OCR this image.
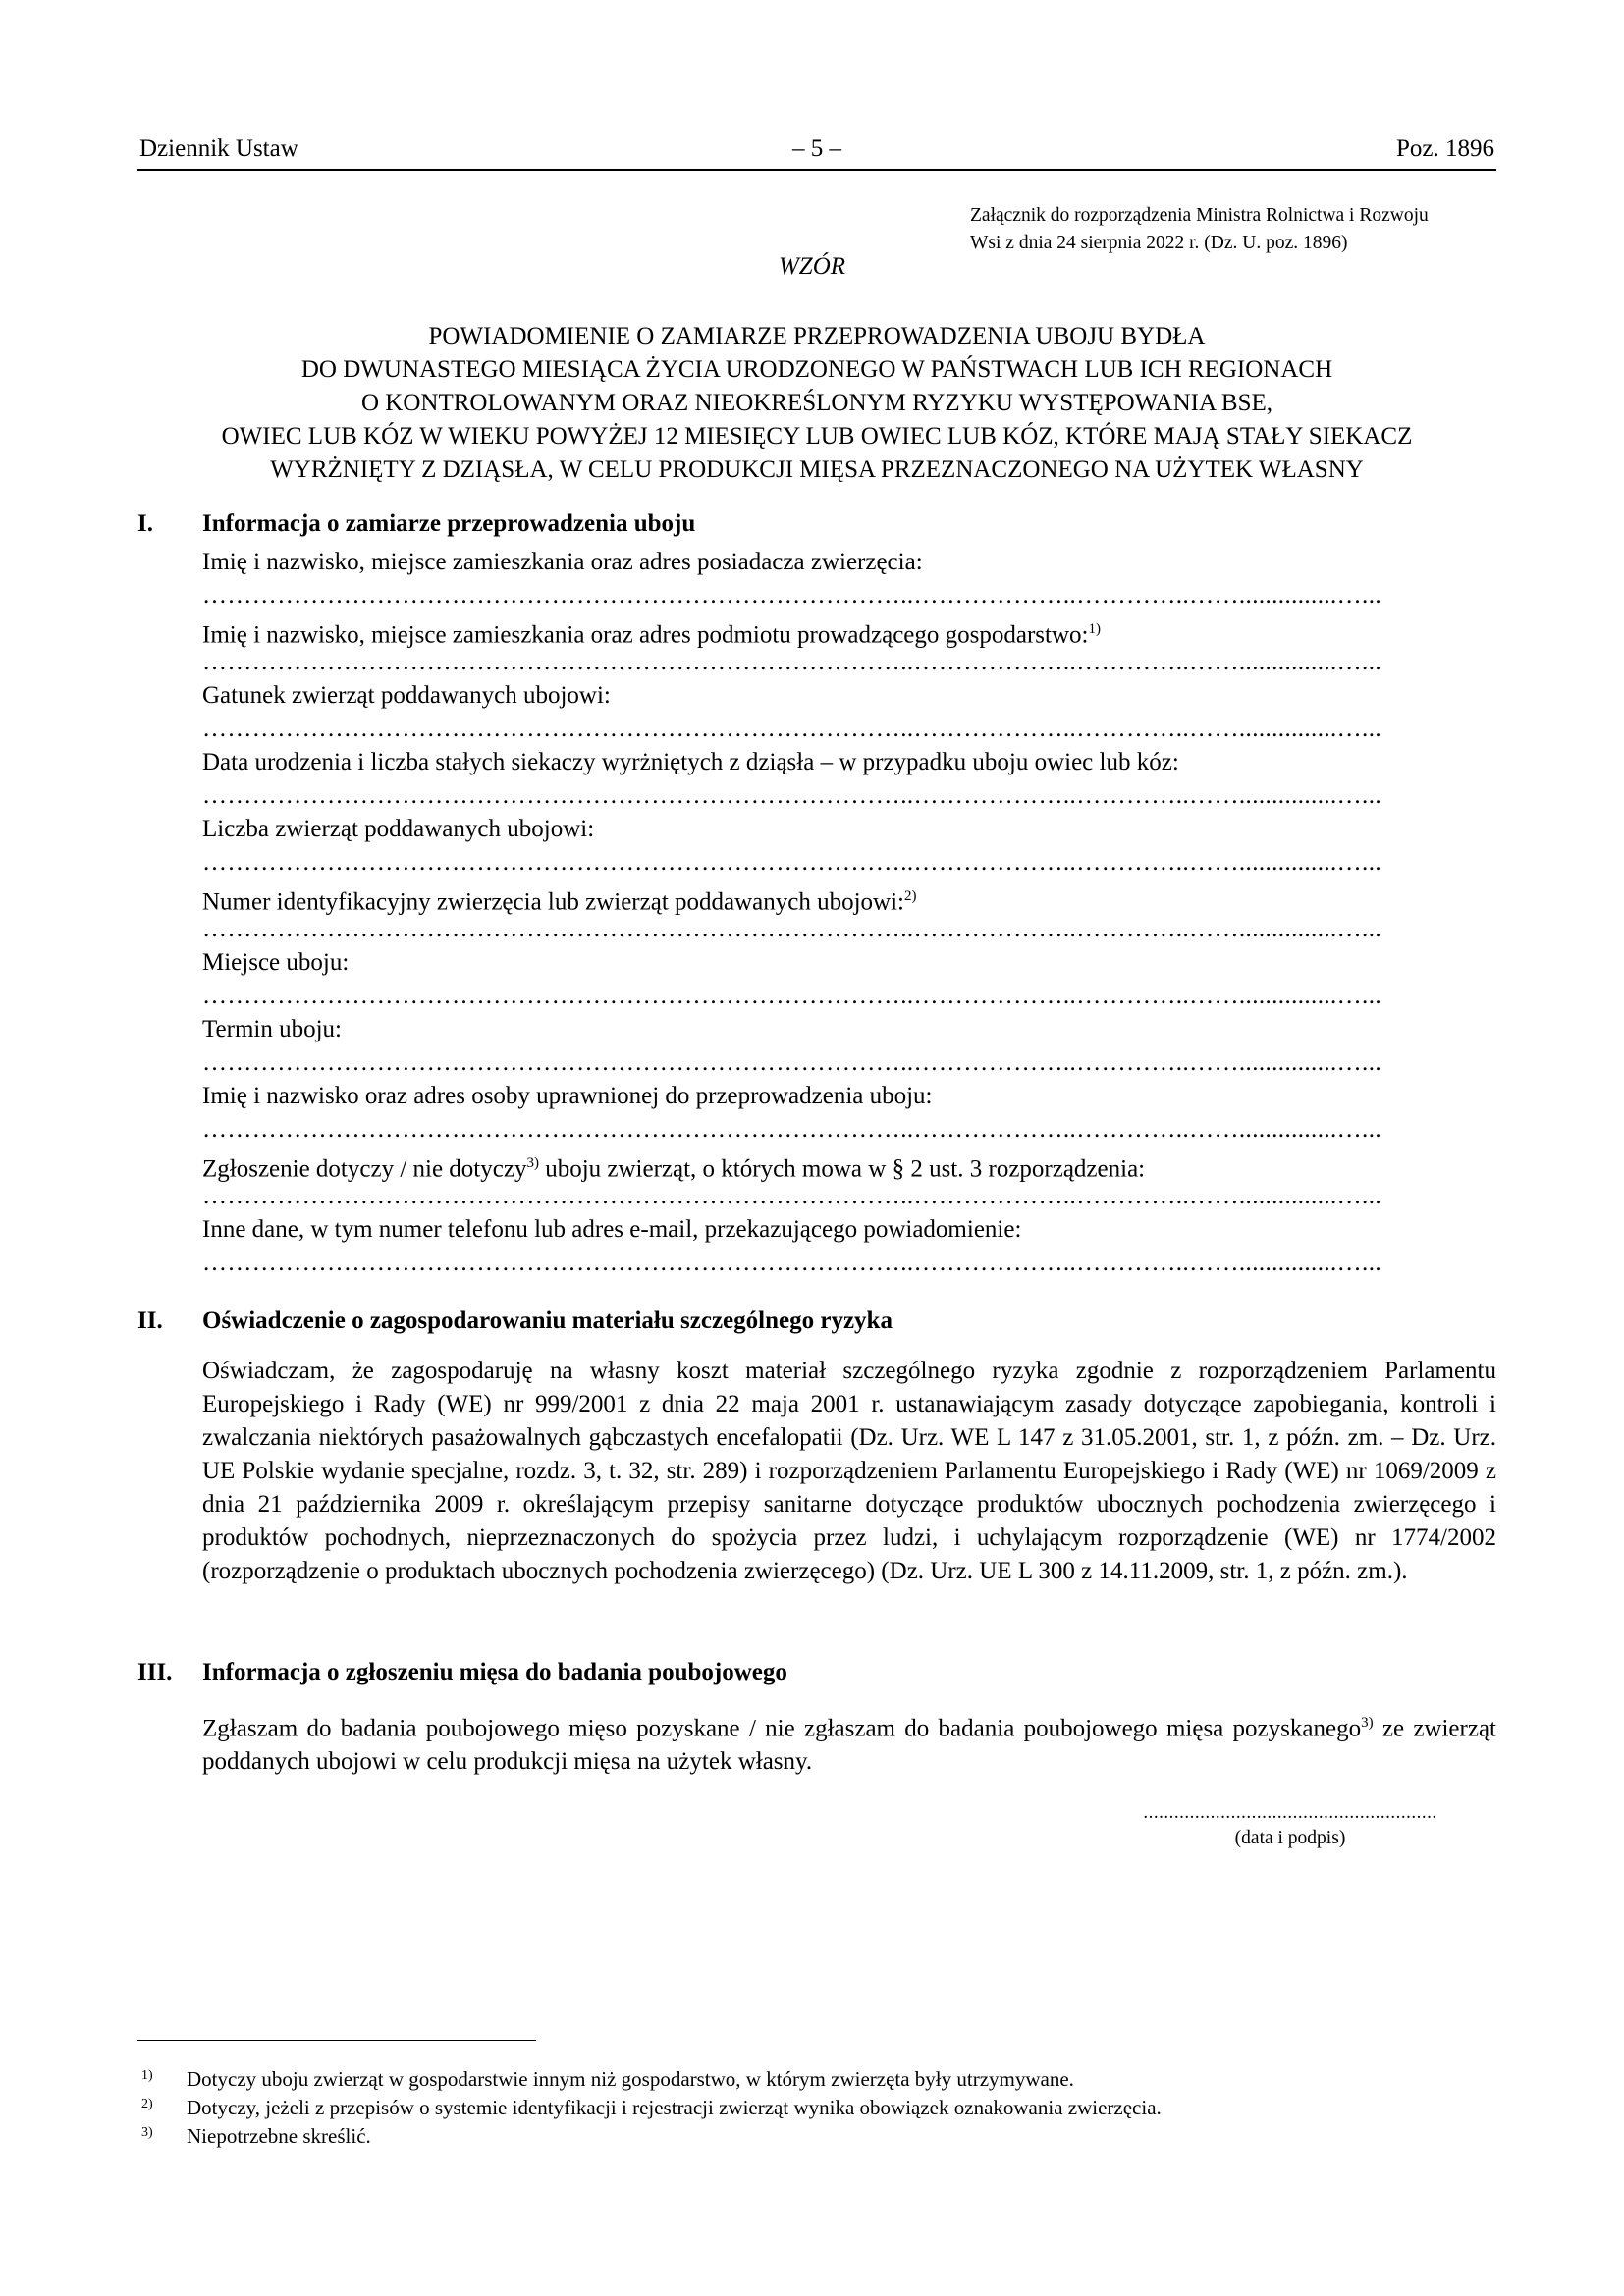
Dziennik Ustaw	– 5 –	Poz. 1896
Załącznik do rozporządzenia Ministra Rolnictwa i Rozwoju
Wsi z dnia 24 sierpnia 2022 r. (Dz. U. poz. 1896)
WZÓR
POWIADOMIENIE O ZAMIARZE PRZEPROWADZENIA UBOJU BYDŁA
DO DWUNASTEGO MIESIĄCA ŻYCIA URODZONEGO W PAŃSTWACH LUB ICH REGIONACH
O KONTROLOWANYM ORAZ NIEOKREŚLONYM RYZYKU WYSTĘPOWANIA BSE,
OWIEC LUB KÓZ W WIEKU POWYŻEJ 12 MIESIĘCY LUB OWIEC LUB KÓZ, KTÓRE MAJĄ STAŁY SIEKACZ
WYRŻNIĘTY Z DZIĄSŁA, W CELU PRODUKCJI MIĘSA PRZEZNACZONEGO NA UŻYTEK WŁASNY
I. Informacja o zamiarze przeprowadzenia uboju
Imię i nazwisko, miejsce zamieszkania oraz adres posiadacza zwierzęcia:
…………………………………………………………………………..………………..…………..……...............…...
Imię i nazwisko, miejsce zamieszkania oraz adres podmiotu prowadzącego gospodarstwo:$^{1)}$
…………………………………………………………………………..………………..…………..……...............…...
Gatunek zwierząt poddawanych ubojowi:
…………………………………………………………………………..………………..…………..……...............…...
Data urodzenia i liczba stałych siekaczy wyrżniętych z dziąsła – w przypadku uboju owiec lub kóz:
…………………………………………………………………………..………………..…………..……...............…...
Liczba zwierząt poddawanych ubojowi:
…………………………………………………………………………..………………..…………..……...............…...
Numer identyfikacyjny zwierzęcia lub zwierząt poddawanych ubojowi:$^{2)}$
…………………………………………………………………………..………………..…………..……...............…...
Miejsce uboju:
…………………………………………………………………………..………………..…………..……...............…...
Termin uboju:
…………………………………………………………………………..………………..…………..……...............…...
Imię i nazwisko oraz adres osoby uprawnionej do przeprowadzenia uboju:
…………………………………………………………………………..………………..…………..……...............…...
Zgłoszenie dotyczy / nie dotyczy$^{3)}$ uboju zwierząt, o których mowa w § 2 ust. 3 rozporządzenia:
…………………………………………………………………………..………………..…………..……...............…...
Inne dane, w tym numer telefonu lub adres e-mail, przekazującego powiadomienie:
…………………………………………………………………………..………………..…………..……...............…...
II. Oświadczenie o zagospodarowaniu materiału szczególnego ryzyka
Oświadczam, że zagospodaruję na własny koszt materiał szczególnego ryzyka zgodnie z rozporządzeniem Parlamentu Europejskiego i Rady (WE) nr 999/2001 z dnia 22 maja 2001 r. ustanawiającym zasady dotyczące zapobiegania, kontroli i zwalczania niektórych pasażowalnych gąbczastych encefalopatii (Dz. Urz. WE L 147 z 31.05.2001, str. 1, z późn. zm. – Dz. Urz. UE Polskie wydanie specjalne, rozdz. 3, t. 32, str. 289) i rozporządzeniem Parlamentu Europejskiego i Rady (WE) nr 1069/2009 z dnia 21 października 2009 r. określającym przepisy sanitarne dotyczące produktów ubocznych pochodzenia zwierzęcego i produktów pochodnych, nieprzeznaczonych do spożycia przez ludzi, i uchylającym rozporządzenie (WE) nr 1774/2002 (rozporządzenie o produktach ubocznych pochodzenia zwierzęcego) (Dz. Urz. UE L 300 z 14.11.2009, str. 1, z późn. zm.).
III. Informacja o zgłoszeniu mięsa do badania poubojowego
Zgłaszam do badania poubojowego mięso pozyskane / nie zgłaszam do badania poubojowego mięsa pozyskanego$^{3)}$ ze zwierząt poddanych ubojowi w celu produkcji mięsa na użytek własny.
.........................................................
(data i podpis)
1) Dotyczy uboju zwierząt w gospodarstwie innym niż gospodarstwo, w którym zwierzęta były utrzymywane.
2) Dotyczy, jeżeli z przepisów o systemie identyfikacji i rejestracji zwierząt wynika obowiązek oznakowania zwierzęcia.
3) Niepotrzebne skreślić.
